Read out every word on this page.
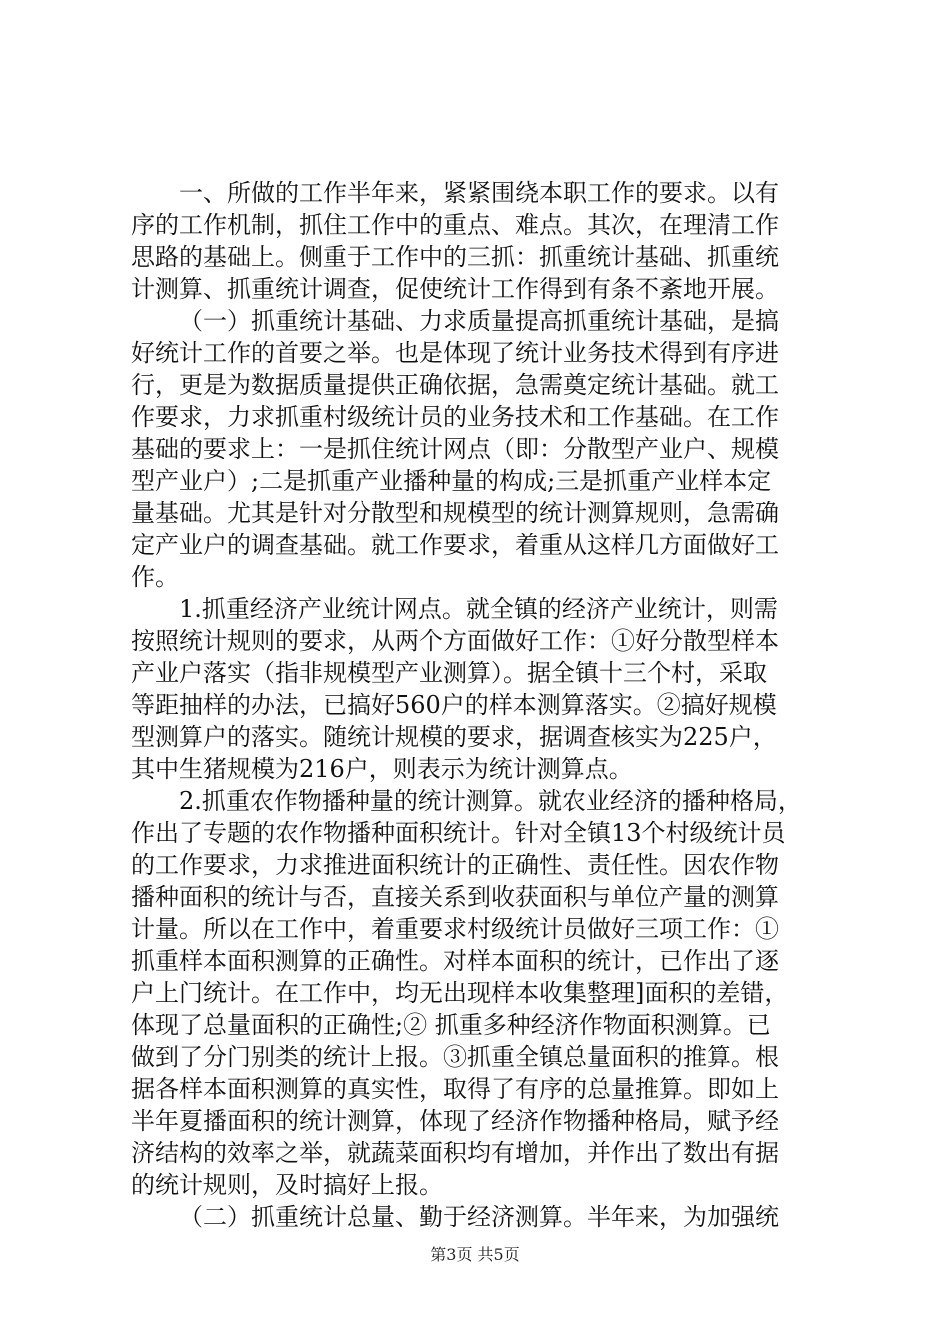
一、所做的工作半年来，紧紧围绕本职工作的要求。以有
序的工作机制，抓住工作中的重点、难点。其次，在理清工作
思路的基础上。侧重于工作中的三抓：抓重统计基础、抓重统
计测算、抓重统计调查，促使统计工作得到有条不紊地开展。
（一）抓重统计基础、力求质量提高抓重统计基础，是搞
好统计工作的首要之举。也是体现了统计业务技术得到有序进
行，更是为数据质量提供正确依据，急需奠定统计基础。就工
作要求，力求抓重村级统计员的业务技术和工作基础。在工作
基础的要求上：一是抓住统计网点（即：分散型产业户、规模
型产业户）;二是抓重产业播种量的构成;三是抓重产业样本定
量基础。尤其是针对分散型和规模型的统计测算规则，急需确
定产业户的调查基础。就工作要求，着重从这样几方面做好工
作。
1.抓重经济产业统计网点。就全镇的经济产业统计，则需
按照统计规则的要求，从两个方面做好工作：①好分散型样本
产业户落实（指非规模型产业测算）。据全镇十三个村，采取
等距抽样的办法，已搞好560户的样本测算落实。②搞好规模
型测算户的落实。随统计规模的要求，据调查核实为225户，
其中生猪规模为216户，则表示为统计测算点。
2.抓重农作物播种量的统计测算。就农业经济的播种格局，
作出了专题的农作物播种面积统计。针对全镇13个村级统计员
的工作要求，力求推进面积统计的正确性、责任性。因农作物
播种面积的统计与否，直接关系到收获面积与单位产量的测算
计量。所以在工作中，着重要求村级统计员做好三项工作：①
抓重样本面积测算的正确性。对样本面积的统计，已作出了逐
户上门统计。在工作中，均无出现样本收集整理]面积的差错，
体现了总量面积的正确性;② 抓重多种经济作物面积测算。已
做到了分门别类的统计上报。③抓重全镇总量面积的推算。根
据各样本面积测算的真实性，取得了有序的总量推算。即如上
半年夏播面积的统计测算，体现了经济作物播种格局，赋予经
济结构的效率之举，就蔬菜面积均有增加，并作出了数出有据
的统计规则，及时搞好上报。
（二）抓重统计总量、勤于经济测算。半年来，为加强统
第3页 共5页
